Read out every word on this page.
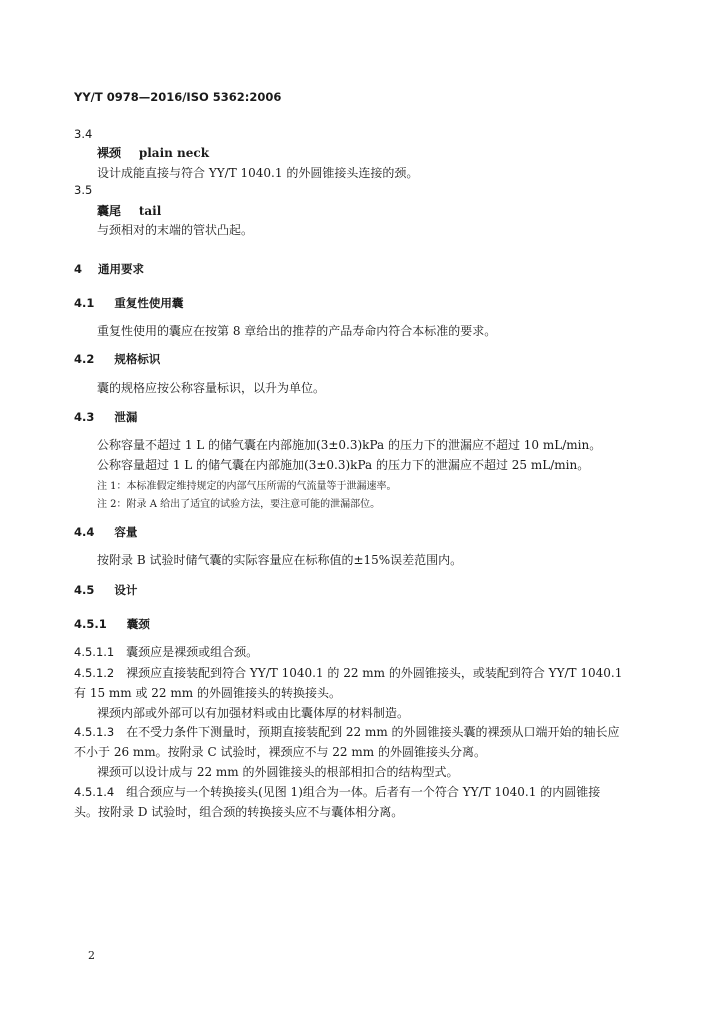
YY/T 0978—2016/ISO 5362:2006
3.4
裸颈 plain neck
设计成能直接与符合 YY/T 1040.1 的外圆锥接头连接的颈。
3.5
囊尾 tail
与颈相对的末端的管状凸起。
4 通用要求
4.1 重复性使用囊
重复性使用的囊应在按第 8 章给出的推荐的产品寿命内符合本标准的要求。
4.2 规格标识
囊的规格应按公称容量标识，以升为单位。
4.3 泄漏
公称容量不超过 1 L 的储气囊在内部施加(3±0.3)kPa 的压力下的泄漏应不超过 10 mL/min。
公称容量超过 1 L 的储气囊在内部施加(3±0.3)kPa 的压力下的泄漏应不超过 25 mL/min。
注 1：本标准假定维持规定的内部气压所需的气流量等于泄漏速率。
注 2：附录 A 给出了适宜的试验方法，要注意可能的泄漏部位。
4.4 容量
按附录 B 试验时储气囊的实际容量应在标称值的±15%误差范围内。
4.5 设计
4.5.1 囊颈
4.5.1.1 囊颈应是裸颈或组合颈。
4.5.1.2 裸颈应直接装配到符合 YY/T 1040.1 的 22 mm 的外圆锥接头，或装配到符合 YY/T 1040.1
有 15 mm 或 22 mm 的外圆锥接头的转换接头。
裸颈内部或外部可以有加强材料或由比囊体厚的材料制造。
4.5.1.3 在不受力条件下测量时，预期直接装配到 22 mm 的外圆锥接头囊的裸颈从口端开始的轴长应
不小于 26 mm。按附录 C 试验时，裸颈应不与 22 mm 的外圆锥接头分离。
裸颈可以设计成与 22 mm 的外圆锥接头的根部相扣合的结构型式。
4.5.1.4 组合颈应与一个转换接头(见图 1)组合为一体。后者有一个符合 YY/T 1040.1 的内圆锥接
头。按附录 D 试验时，组合颈的转换接头应不与囊体相分离。
2
